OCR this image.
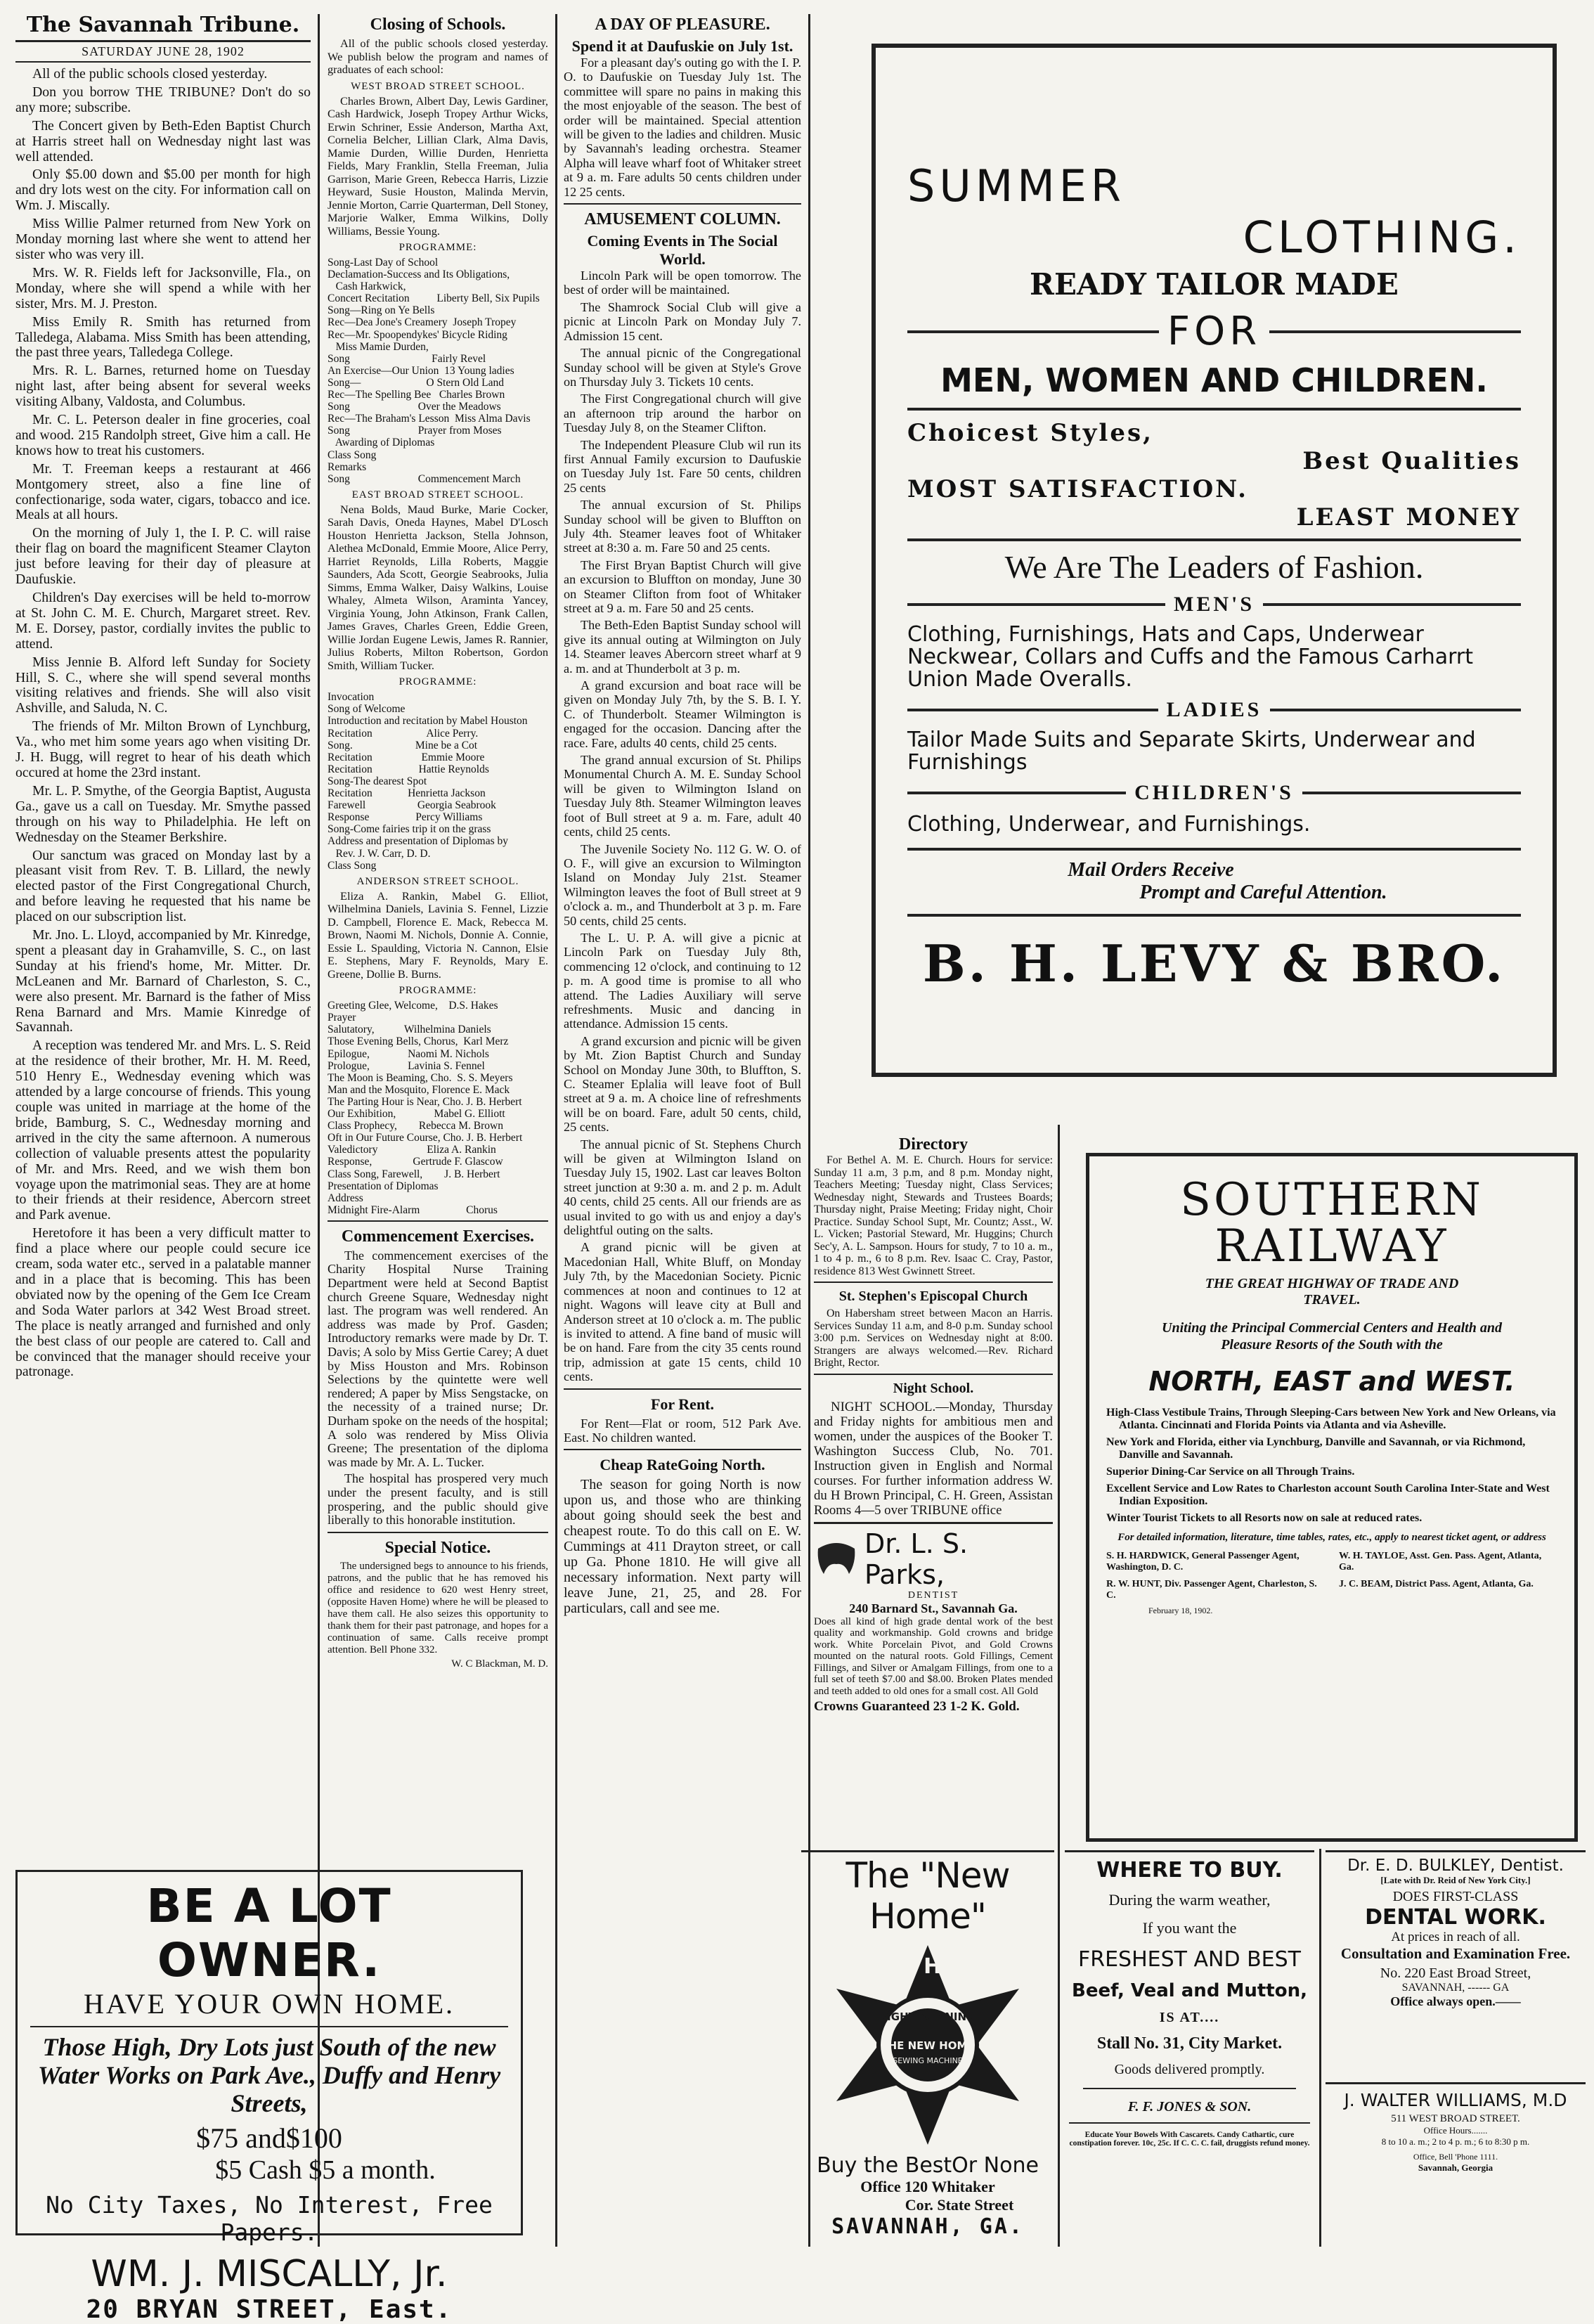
The Savannah Tribune.
SATURDAY JUNE 28, 1902

All of the public schools closed yesterday.

Don you borrow THE TRIBUNE? Don't do so any more; subscribe.

The Concert given by Beth-Eden Baptist Church at Harris street hall on Wednesday night last was well attended.

Only $5.00 down and $5.00 per month for high and dry lots west on the city. For information call on Wm. J. Miscally.

Miss Willie Palmer returned from New York on Monday morning last where she went to attend her sister who was very ill.

Mrs. W. R. Fields left for Jacksonville, Fla., on Monday, where she will spend a while with her sister, Mrs. M. J. Preston.

Miss Emily R. Smith has returned from Talledega, Alabama. Miss Smith has been attending, the past three years, Talledega College.

Mrs. R. L. Barnes, returned home on Tuesday night last, after being absent for several weeks visiting Albany, Valdosta, and Columbus.

Mr. C. L. Peterson dealer in fine groceries, coal and wood. 215 Randolph street, Give him a call. He knows how to treat his customers.

Mr. T. Freeman keeps a restaurant at 466 Montgomery street, also a fine line of confectionarige, soda water, cigars, tobacco and ice. Meals at all hours.

On the morning of July 1, the I. P. C. will raise their flag on board the magnificent Steamer Clayton just before leaving for their day of pleasure at Daufuskie.

Children's Day exercises will be held to-morrow at St. John C. M. E. Church, Margaret street. Rev. M. E. Dorsey, pastor, cordially invites the public to attend.

Miss Jennie B. Alford left Sunday for Society Hill, S. C., where she will spend several months visiting relatives and friends. She will also visit Ashville, and Saluda, N. C.

The friends of Mr. Milton Brown of Lynchburg, Va., who met him some years ago when visiting Dr. J. H. Bugg, will regret to hear of his death which occured at home the 23rd instant.

Mr. L. P. Smythe, of the Georgia Baptist, Augusta Ga., gave us a call on Tuesday. Mr. Smythe passed through on his way to Philadelphia. He left on Wednesday on the Steamer Berkshire.

Our sanctum was graced on Monday last by a pleasant visit from Rev. T. B. Lillard, the newly elected pastor of the First Congregational Church, and before leaving he requested that his name be placed on our subscription list.

Mr. Jno. L. Lloyd, accompanied by Mr. Kinredge, spent a pleasant day in Grahamville, S. C., on last Sunday at his friend's home, Mr. Mitter. Dr. McLeanen and Mr. Barnard of Charleston, S. C., were also present. Mr. Barnard is the father of Miss Rena Barnard and Mrs. Mamie Kinredge of Savannah.

A reception was tendered Mr. and Mrs. L. S. Reid at the residence of their brother, Mr. H. M. Reed, 510 Henry E., Wednesday evening which was attended by a large concourse of friends. This young couple was united in marriage at the home of the bride, Bamburg, S. C., Wednesday morning and arrived in the city the same afternoon. A numerous collection of valuable presents attest the popularity of Mr. and Mrs. Reed, and we wish them bon voyage upon the matrimonial seas. They are at home to their friends at their residence, Abercorn street and Park avenue.

Heretofore it has been a very difficult matter to find a place where our people could secure ice cream, soda water etc., served in a palatable manner and in a place that is becoming. This has been obviated now by the opening of the Gem Ice Cream and Soda Water parlors at 342 West Broad street. The place is neatly arranged and furnished and only the best class of our people are catered to. Call and be convinced that the manager should receive your patronage.

BE A LOT OWNER.
HAVE YOUR OWN HOME.
Those High, Dry Lots just South of the new Water Works on Park Ave., Duffy and Henry Streets,
$75 and$100
$5 Cash $5 a month.
No City Taxes, No Interest, Free Papers.
WM. J. MISCALLY, Jr.
20 BRYAN STREET, East.
Closing of Schools.

All of the public schools closed yesterday. We publish below the program and names of graduates of each school:

WEST BROAD STREET SCHOOL.

Charles Brown, Albert Day, Lewis Gardiner, Cash Hardwick, Joseph Tropey Arthur Wicks, Erwin Schriner, Essie Anderson, Martha Axt, Cornelia Belcher, Lillian Clark, Alma Davis, Mamie Durden, Willie Durden, Henrietta Fields, Mary Franklin, Stella Freeman, Julia Garrison, Marie Green, Rebecca Harris, Lizzie Heyward, Susie Houston, Malinda Mervin, Jennie Morton, Carrie Quarterman, Dell Stoney, Marjorie Walker, Emma Wilkins, Dolly Williams, Bessie Young.

PROGRAMME:
Song-Last Day of School
Declamation-Success and Its Obligations,
Cash Harkwick,
Concert Recitation          Liberty Bell, Six Pupils
Song—Ring on Ye Bells
Rec—Dea Jone's Creamery  Joseph Tropey
Rec—Mr. Spoopendykes' Bicycle Riding
Miss Mamie Durden,
Song                              Fairly Revel
An Exercise—Our Union  13 Young ladies
Song—                        O Stern Old Land
Rec—The Spelling Bee   Charles Brown
Song                         Over the Meadows
Rec—The Braham's Lesson  Miss Alma Davis
Song                         Prayer from Moses
Awarding of Diplomas
Class Song
Remarks
Song                         Commencement March
EAST BROAD STREET SCHOOL.

Nena Bolds, Maud Burke, Marie Cocker, Sarah Davis, Oneda Haynes, Mabel D'Losch Houston Henrietta Jackson, Stella Johnson, Alethea McDonald, Emmie Moore, Alice Perry, Harriet Reynolds, Lilla Roberts, Maggie Saunders, Ada Scott, Georgie Seabrooks, Julia Simms, Emma Walker, Daisy Walkins, Louise Whaley, Almeta Wilson, Araminta Yancey, Virginia Young, John Atkinson, Frank Callen, James Graves, Charles Green, Eddie Green, Willie Jordan Eugene Lewis, James R. Rannier, Julius Roberts, Milton Robertson, Gordon Smith, William Tucker.

PROGRAMME:
Invocation
Song of Welcome
Introduction and recitation by Mabel Houston
Recitation                    Alice Perry.
Song.                       Mine be a Cot
Recitation                  Emmie Moore
Recitation                 Hattie Reynolds
Song-The dearest Spot
Recitation             Henrietta Jackson
Farewell                   Georgia Seabrook
Response                 Percy Williams
Song-Come fairies trip it on the grass
Address and presentation of Diplomas by
Rev. J. W. Carr, D. D.
Class Song
ANDERSON STREET SCHOOL.

Eliza A. Rankin, Mabel G. Elliot, Wilhelmina Daniels, Lavinia S. Fennel, Lizzie D. Campbell, Florence E. Mack, Rebecca M. Brown, Naomi M. Nichols, Donnie A. Connie, Essie L. Spaulding, Victoria N. Cannon, Elsie E. Stephens, Mary F. Reynolds, Mary E. Greene, Dollie B. Burns.

PROGRAMME:
Greeting Glee, Welcome,    D.S. Hakes
Prayer
Salutatory,           Wilhelmina Daniels
Those Evening Bells, Chorus,  Karl Merz
Epilogue,              Naomi M. Nichols
Prologue,              Lavinia S. Fennel
The Moon is Beaming, Cho.  S. S. Meyers
Man and the Mosquito, Florence E. Mack
The Parting Hour is Near, Cho. J. B. Herbert
Our Exhibition,              Mabel G. Elliott
Class Prophecy,        Rebecca M. Brown
Oft in Our Future Course, Cho. J. B. Herbert
Valedictory                  Eliza A. Rankin
Response,               Gertrude F. Glascow
Class Song, Farewell,        J. B. Herbert
Presentation of Diplomas
Address
Midnight Fire-Alarm                 Chorus
Commencement Exercises.

The commencement exercises of the Charity Hospital Nurse Training Department were held at Second Baptist church Greene Square, Wednesday night last. The program was well rendered. An address was made by Prof. Gasden; Introductory remarks were made by Dr. T. Davis; A solo by Miss Gertie Carey; A duet by Miss Houston and Mrs. Robinson Selections by the quintette were well rendered; A paper by Miss Sengstacke, on the necessity of a trained nurse; Dr. Durham spoke on the needs of the hospital; A solo was rendered by Miss Olivia Greene; The presentation of the diploma was made by Mr. A. L. Tucker.

The hospital has prospered very much under the present faculty, and is still prospering, and the public should give liberally to this honorable institution.

Special Notice.

The undersigned begs to announce to his friends, patrons, and the public that he has removed his office and residence to 620 west Henry street, (opposite Haven Home) where he will be pleased to have them call. He also seizes this opportunity to thank them for their past patronage, and hopes for a continuation of same. Calls receive prompt attention. Bell Phone 332.

W. C Blackman, M. D.
A DAY OF PLEASURE.
Spend it at Daufuskie on July 1st.

For a pleasant day's outing go with the I. P. O. to Daufuskie on Tuesday July 1st. The committee will spare no pains in making this the most enjoyable of the season. The best of order will be maintained. Special attention will be given to the ladies and children. Music by Savannah's leading orchestra. Steamer Alpha will leave wharf foot of Whitaker street at 9 a. m. Fare adults 50 cents children under 12 25 cents.

AMUSEMENT COLUMN.
Coming Events in The Social World.

Lincoln Park will be open tomorrow. The best of order will be maintained.

The Shamrock Social Club will give a picnic at Lincoln Park on Monday July 7. Admission 15 cent.

The annual picnic of the Congregational Sunday school will be given at Style's Grove on Thursday July 3. Tickets 10 cents.

The First Congregational church will give an afternoon trip around the harbor on Tuesday July 8, on the Steamer Clifton.

The Independent Pleasure Club wil run its first Annual Family excursion to Daufuskie on Tuesday July 1st. Fare 50 cents, children 25 cents

The annual excursion of St. Philips Sunday school will be given to Bluffton on July 4th. Steamer leaves foot of Whitaker street at 8:30 a. m. Fare 50 and 25 cents.

The First Bryan Baptist Church will give an excursion to Bluffton on monday, June 30 on Steamer Clifton from foot of Whitaker street at 9 a. m. Fare 50 and 25 cents.

The Beth-Eden Baptist Sunday school will give its annual outing at Wilmington on July 14. Steamer leaves Abercorn street wharf at 9 a. m. and at Thunderbolt at 3 p. m.

A grand excursion and boat race will be given on Monday July 7th, by the S. B. I. Y. C. of Thunderbolt. Steamer Wilmington is engaged for the occasion. Dancing after the race. Fare, adults 40 cents, child 25 cents.

The grand annual excursion of St. Philips Monumental Church A. M. E. Sunday School will be given to Wilmington Island on Tuesday July 8th. Steamer Wilmington leaves foot of Bull street at 9 a. m. Fare, adult 40 cents, child 25 cents.

The Juvenile Society No. 112 G. W. O. of O. F., will give an excursion to Wilmington Island on Monday July 21st. Steamer Wilmington leaves the foot of Bull street at 9 o'clock a. m., and Thunderbolt at 3 p. m. Fare 50 cents, child 25 cents.

The L. U. P. A. will give a picnic at Lincoln Park on Tuesday July 8th, commencing 12 o'clock, and continuing to 12 p. m. A good time is promise to all who attend. The Ladies Auxiliary will serve refreshments. Music and dancing in attendance. Admission 15 cents.

A grand excursion and picnic will be given by Mt. Zion Baptist Church and Sunday School on Monday June 30th, to Bluffton, S. C. Steamer Eplalia will leave foot of Bull street at 9 a. m. A choice line of refreshments will be on board. Fare, adult 50 cents, child, 25 cents.

The annual picnic of St. Stephens Church will be given at Wilmington Island on Tuesday July 15, 1902. Last car leaves Bolton street junction at 9:30 a. m. and 2 p. m. Adult 40 cents, child 25 cents. All our friends are as usual invited to go with us and enjoy a day's delightful outing on the salts.

A grand picnic will be given at Macedonian Hall, White Bluff, on Monday July 7th, by the Macedonian Society. Picnic commences at noon and continues to 12 at night. Wagons will leave city at Bull and Anderson street at 10 o'clock a. m. The public is invited to attend. A fine band of music will be on hand. Fare from the city 35 cents round trip, admission at gate 15 cents, child 10 cents.

For Rent.

For Rent—Flat or room, 512 Park Ave. East. No children wanted.

Cheap RateGoing North.

The season for going North is now upon us, and those who are thinking about going should seek the best and cheapest route. To do this call on E. W. Cummings at 411 Drayton street, or call up Ga. Phone 1810. He will give all necessary information. Next party will leave June, 21, 25, and 28. For particulars, call and see me.

SUMMER
CLOTHING.
READY TAILOR MADE
FOR
MEN, WOMEN AND CHILDREN.
Choicest Styles,
Best Qualities
MOST SATISFACTION.
LEAST MONEY
We Are The Leaders of Fashion.
MEN'S
Clothing, Furnishings, Hats and Caps, Underwear Neckwear, Collars and Cuffs and the Famous Carharrt Union Made Overalls.
LADIES
Tailor Made Suits and Separate Skirts, Underwear and Furnishings
CHILDREN'S
Clothing, Underwear, and Furnishings.
Mail Orders Receive
Prompt and Careful Attention.
B. H. LEVY & BRO.
Directory

For Bethel A. M. E. Church. Hours for service: Sunday 11 a.m, 3 p.m, and 8 p.m. Monday night, Teachers Meeting; Tuesday night, Class Services; Wednesday night, Stewards and Trustees Boards; Thursday night, Praise Meeting; Friday night, Choir Practice. Sunday School Supt, Mr. Countz; Asst., W. L. Vicken; Pastorial Steward, Mr. Huggins; Church Sec'y, A. L. Sampson. Hours for study, 7 to 10 a. m., 1 to 4 p. m., 6 to 8 p.m. Rev. Isaac C. Cray, Pastor, residence 813 West Gwinnett Street.

St. Stephen's Episcopal Church

On Habersham street between Macon an Harris. Services Sunday 11 a.m, and 8-0 p.m. Sunday school 3:00 p.m. Services on Wednesday night at 8:00. Strangers are always welcomed.—Rev. Richard Bright, Rector.

Night School.

NIGHT SCHOOL.—Monday, Thursday and Friday nights for ambitious men and women, under the auspices of the Booker T. Washington Success Club, No. 701. Instruction given in English and Normal courses. For further information address W. du H Brown Principal, C. H. Green, Assistan Rooms 4—5 over TRIBUNE office

Dr. L. S. Parks,
DENTIST
240 Barnard St., Savannah Ga.

Does all kind of high grade dental work of the best quality and workmanship. Gold crowns and bridge work. White Porcelain Pivot, and Gold Crowns mounted on the natural roots. Gold Fillings, Cement Fillings, and Silver or Amalgam Fillings, from one to a full set of teeth $7.00 and $8.00. Broken Plates mended and teeth added to old ones for a small cost. All Gold

Crowns Guaranteed 23 1-2 K. Gold.
SOUTHERN
RAILWAY
THE GREAT HIGHWAY OF TRADE AND TRAVEL.
Uniting the Principal Commercial Centers and Health and Pleasure Resorts of the South with the
NORTH, EAST and WEST.
High-Class Vestibule Trains, Through Sleeping-Cars between New York and New Orleans, via Atlanta. Cincinnati and Florida Points via Atlanta and via Asheville.
New York and Florida, either via Lynchburg, Danville and Savannah, or via Richmond, Danville and Savannah.
Superior Dining-Car Service on all Through Trains.
Excellent Service and Low Rates to Charleston account South Carolina Inter-State and West Indian Exposition.
Winter Tourist Tickets to all Resorts now on sale at reduced rates.
For detailed information, literature, time tables, rates, etc., apply to nearest ticket agent, or address
S. H. HARDWICK, General Passenger Agent, Washington, D. C.
W. H. TAYLOE, Asst. Gen. Pass. Agent, Atlanta, Ga.
R. W. HUNT, Div. Passenger Agent, Charleston, S. C.
J. C. BEAM, District Pass. Agent, Atlanta, Ga.
February 18, 1902.
The "New Home"
NEW HOME
LIGHT RUNNING
THE NEW HOME
SEWING MACHINE
Buy the BestOr None
Office 120 Whitaker
Cor. State Street
SAVANNAH, GA.
WHERE TO BUY.
During the warm weather,
If you want the
FRESHEST AND BEST
Beef, Veal and Mutton,
IS AT....
Stall No. 31, City Market.
Goods delivered promptly.
F. F. JONES & SON.
Educate Your Bowels With Cascarets. Candy Cathartic, cure constipation forever. 10c, 25c. If C. C. C. fail, druggists refund money.
Dr. E. D. BULKLEY, Dentist.
[Late with Dr. Reid of New York City.]
DOES FIRST-CLASS
DENTAL WORK.
At prices in reach of all.
Consultation and Examination Free.
No. 220 East Broad Street,
SAVANNAH, ------ GA
Office always open.——
J. WALTER WILLIAMS, M.D
511 WEST BROAD STREET.
Office Hours.......
8 to 10 a. m.; 2 to 4 p. m.; 6 to 8:30 p m.
Office, Bell 'Phone 1111.
Savannah, Georgia
